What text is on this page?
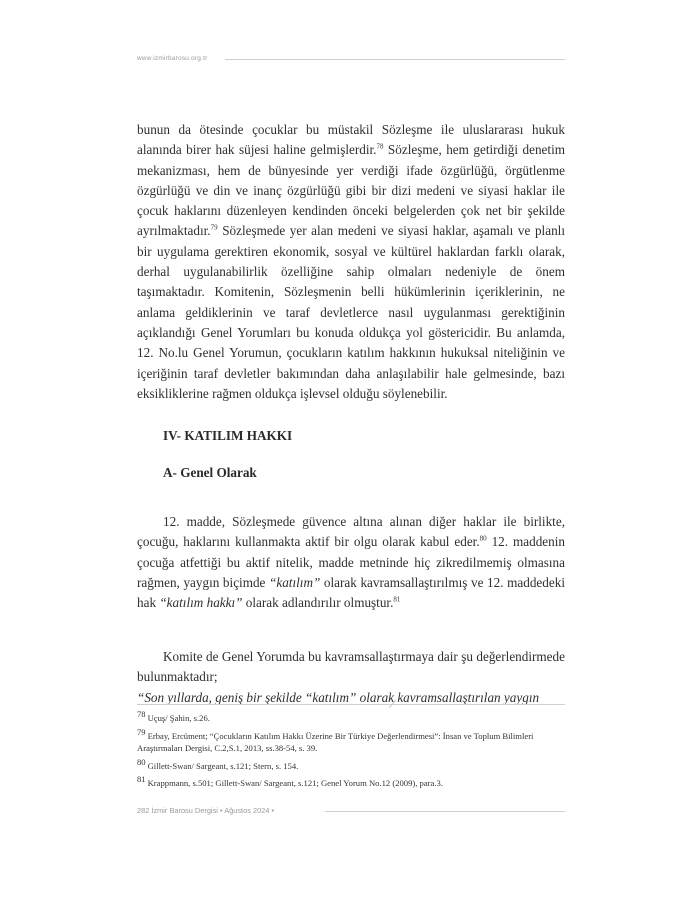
www.izmirbarosu.org.tr

bunun da ötesinde çocuklar bu müstakil Sözleşme ile uluslararası hukuk alanında birer hak süjesi haline gelmişlerdir.$^{78}$ Sözleşme, hem getirdiği denetim mekanizması, hem de bünyesinde yer verdiği ifade özgürlüğü, örgütlenme özgürlüğü ve din ve inanç özgürlüğü gibi bir dizi medeni ve siyasi haklar ile çocuk haklarını düzenleyen kendinden önceki belgelerden çok net bir şekilde ayrılmaktadır.$^{79}$ Sözleşmede yer alan medeni ve siyasi haklar, aşamalı ve planlı bir uygulama gerektiren ekonomik, sosyal ve kültürel haklardan farklı olarak, derhal uygulanabilirlik özelliğine sahip olmaları nedeniyle de önem taşımaktadır. Komitenin, Sözleşmenin belli hükümlerinin içeriklerinin, ne anlama geldiklerinin ve taraf devletlerce nasıl uygulanması gerektiğinin açıklandığı Genel Yorumları bu konuda oldukça yol göstericidir. Bu anlamda, 12. No.lu Genel Yorumun, çocukların katılım hakkının hukuksal niteliğinin ve içeriğinin taraf devletler bakımından daha anlaşılabilir hale gelmesinde, bazı eksikliklerine rağmen oldukça işlevsel olduğu söylenebilir.

IV- KATILIM HAKKI
A- Genel Olarak

12. madde, Sözleşmede güvence altına alınan diğer haklar ile birlikte, çocuğu, haklarını kullanmakta aktif bir olgu olarak kabul eder.$^{80}$ 12. maddenin çocuğa atfettiği bu aktif nitelik, madde metninde hiç zikredilmemiş olmasına rağmen, yaygın biçimde “katılım” olarak kavramsallaştırılmış ve 12. maddedeki hak “katılım hakkı” olarak adlandırılır olmuştur.$^{81}$

Komite de Genel Yorumda bu kavramsallaştırmaya dair şu değerlendirmede bulunmaktadır;
“Son yıllarda, geniş bir şekilde “katılım” olarak kavramsallaştırılan yaygın

78 Uçuş/ Şahin, s.26.
79 Erbay, Ercüment; “Çocukların Katılım Hakkı Üzerine Bir Türkiye Değerlendirmesi”: İnsan ve Toplum Bilimleri Araştırmaları Dergisi, C.2,S.1, 2013, ss.38-54, s. 39.
80 Gillett-Swan/ Sargeant, s.121; Stern, s. 154.
81 Krappmann, s.501; Gillett-Swan/ Sargeant, s.121; Genel Yorum No.12 (2009), para.3.
282 İzmir Barosu Dergisi • Ağustos 2024 •
